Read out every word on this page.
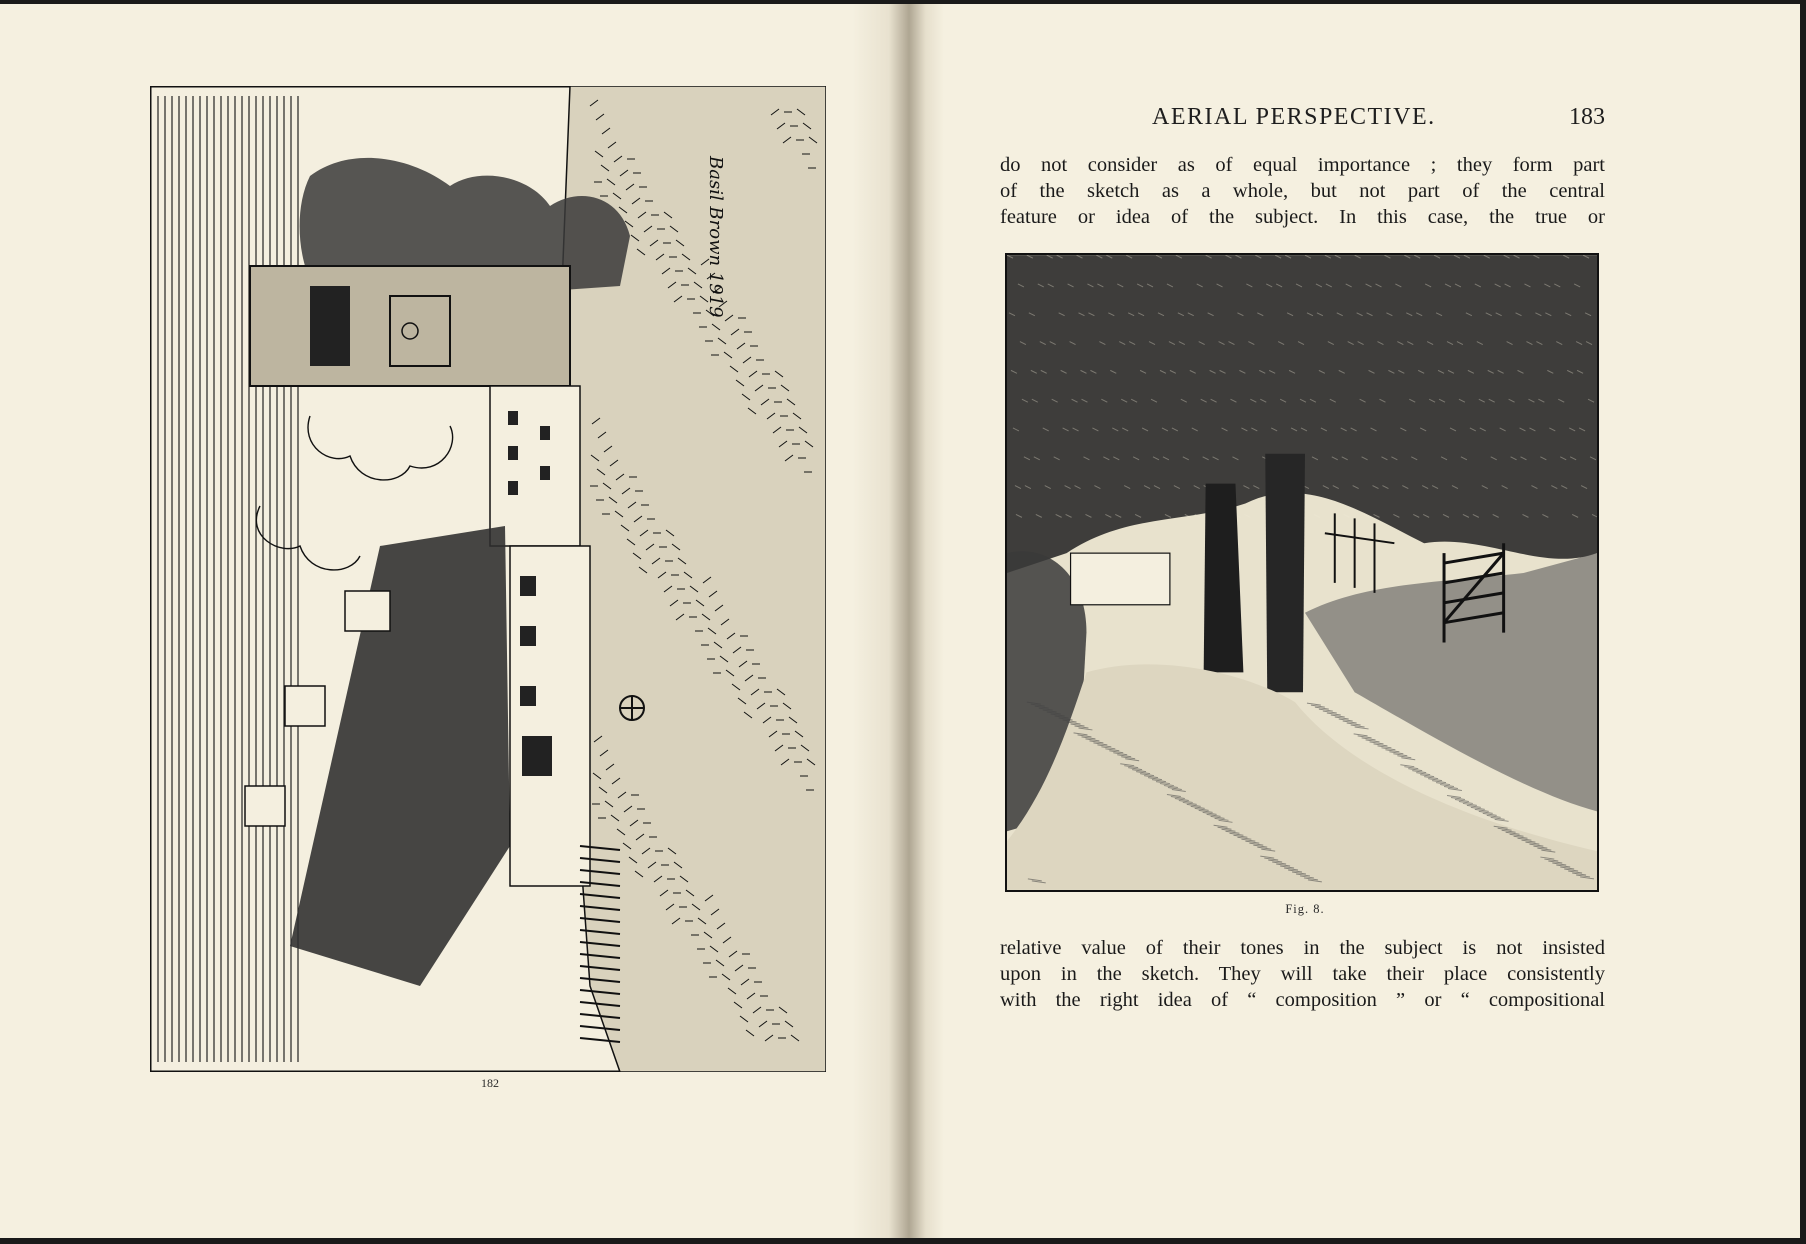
Basil Brown 1919
182
AERIAL PERSPECTIVE.	183
do not consider as of equal importance ; they form part
of the sketch as a whole, but not part of the central
feature or idea of the subject. In this case, the true or
Fig. 8.
relative value of their tones in the subject is not insisted
upon in the sketch. They will take their place consistently
with the right idea of “ composition ” or “ compositional
